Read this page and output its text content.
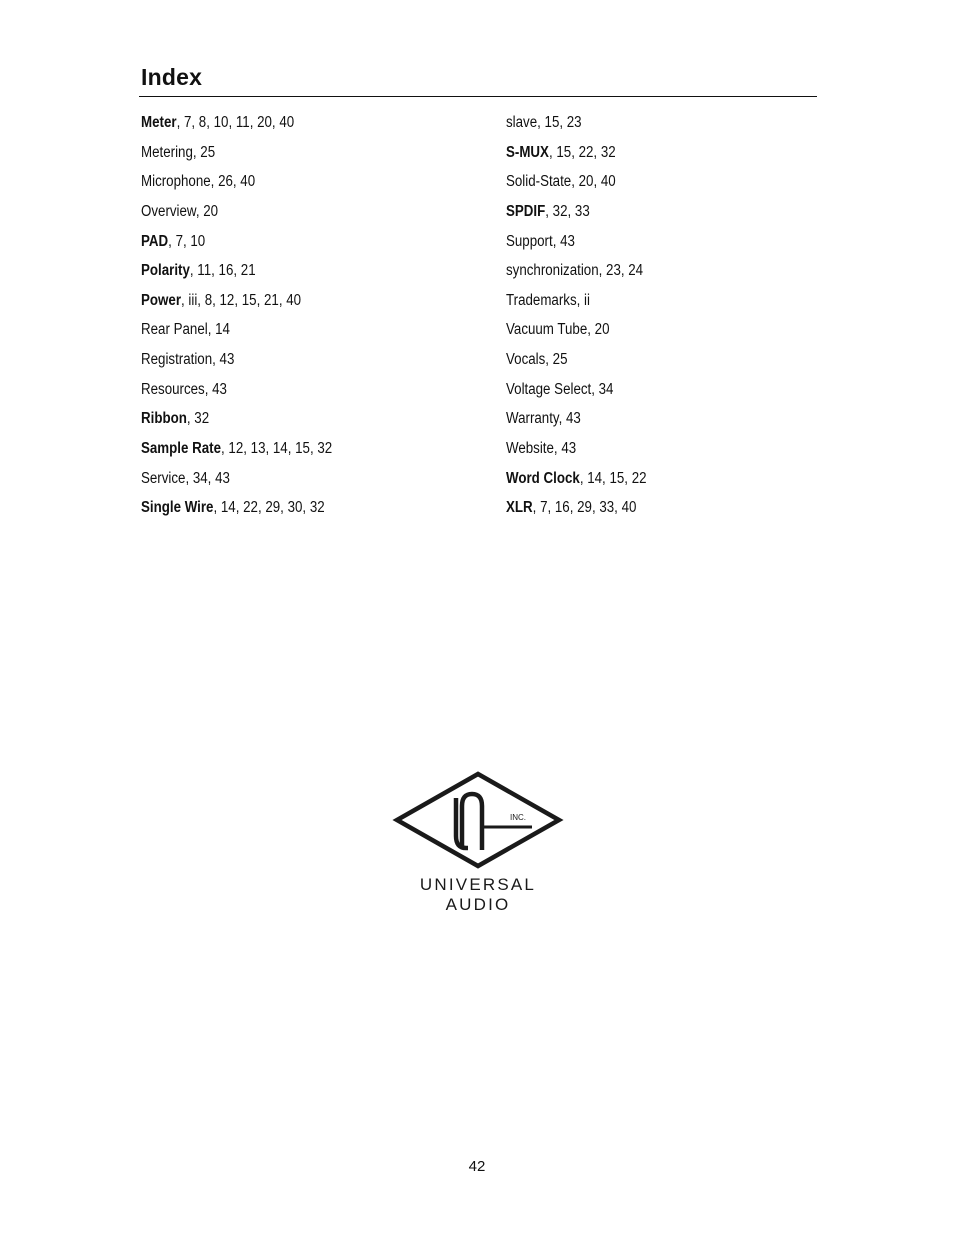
Index
Meter, 7, 8, 10, 11, 20, 40
Metering, 25
Microphone, 26, 40
Overview, 20
PAD, 7, 10
Polarity, 11, 16, 21
Power, iii, 8, 12, 15, 21, 40
Rear Panel, 14
Registration, 43
Resources, 43
Ribbon, 32
Sample Rate, 12, 13, 14, 15, 32
Service, 34, 43
Single Wire, 14, 22, 29, 30, 32
slave, 15, 23
S-MUX, 15, 22, 32
Solid-State, 20, 40
SPDIF, 32, 33
Support, 43
synchronization, 23, 24
Trademarks, ii
Vacuum Tube, 20
Vocals, 25
Voltage Select, 34
Warranty, 43
Website, 43
Word Clock, 14, 15, 22
XLR, 7, 16, 29, 33, 40
INC.
UNIVERSAL AUDIO
42
